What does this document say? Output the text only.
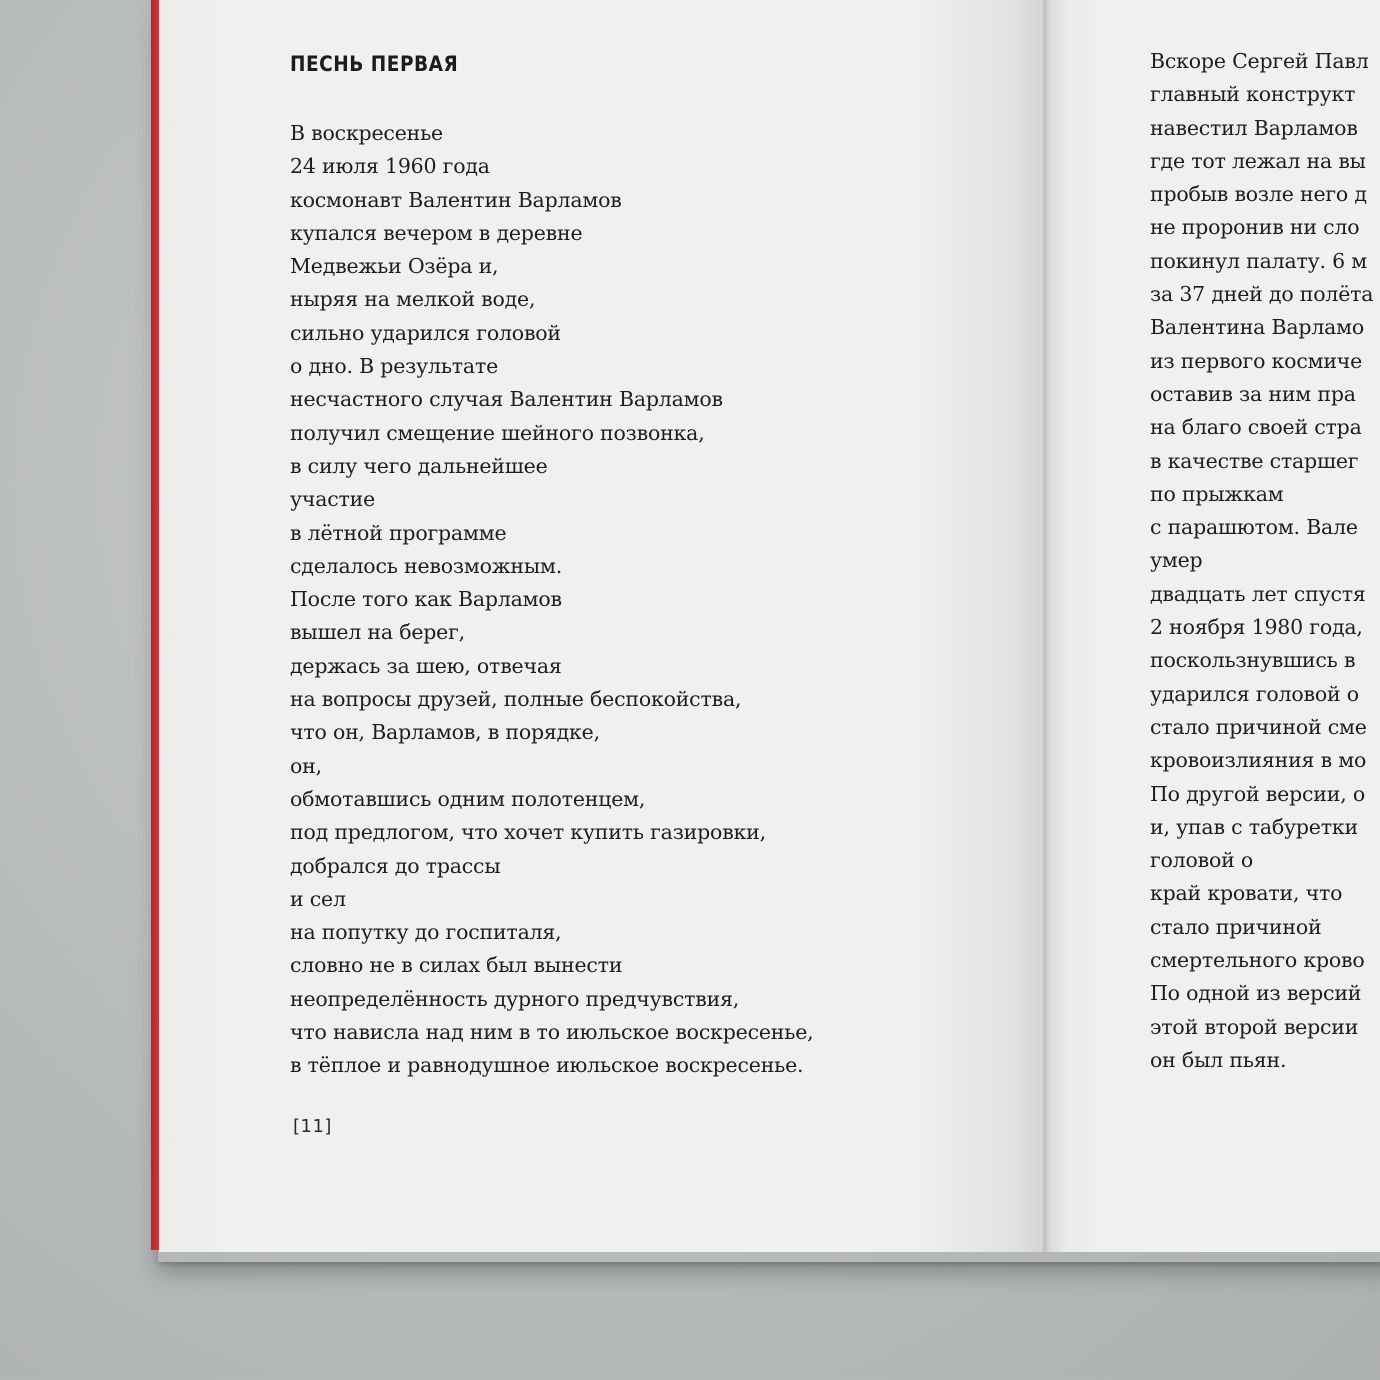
ПЕСНЬ ПЕРВАЯ
В воскресенье
24 июля 1960 года
космонавт Валентин Варламов
купался вечером в деревне
Медвежьи Озёра и,
ныряя на мелкой воде,
сильно ударился головой
о дно. В результате
несчастного случая Валентин Варламов
получил смещение шейного позвонка,
в силу чего дальнейшее
участие
в лётной программе
сделалось невозможным.
После того как Варламов
вышел на берег,
держась за шею, отвечая
на вопросы друзей, полные беспокойства,
что он, Варламов, в порядке,
он,
обмотавшись одним полотенцем,
под предлогом, что хочет купить газировки,
добрался до трассы
и сел
на попутку до госпиталя,
словно не в силах был вынести
неопределённость дурного предчувствия,
что нависла над ним в то июльское воскресенье,
в тёплое и равнодушное июльское воскресенье.
[11]
Вскоре Сергей Павл
главный конструкт
навестил Варламов
где тот лежал на вы
пробыв возле него д
не проронив ни сло
покинул палату. 6 м
за 37 дней до полёта
Валентина Варламо
из первого космиче
оставив за ним пра
на благо своей стра
в качестве старшег
по прыжкам
с парашютом. Вале
умер
двадцать лет спустя
2 ноября 1980 года,
поскользнувшись в
ударился головой о
стало причиной сме
кровоизлияния в мо
По другой версии, о
и, упав с табуретки
головой о
край кровати, что
стало причиной
смертельного крово
По одной из версий
этой второй версии
он был пьян.
